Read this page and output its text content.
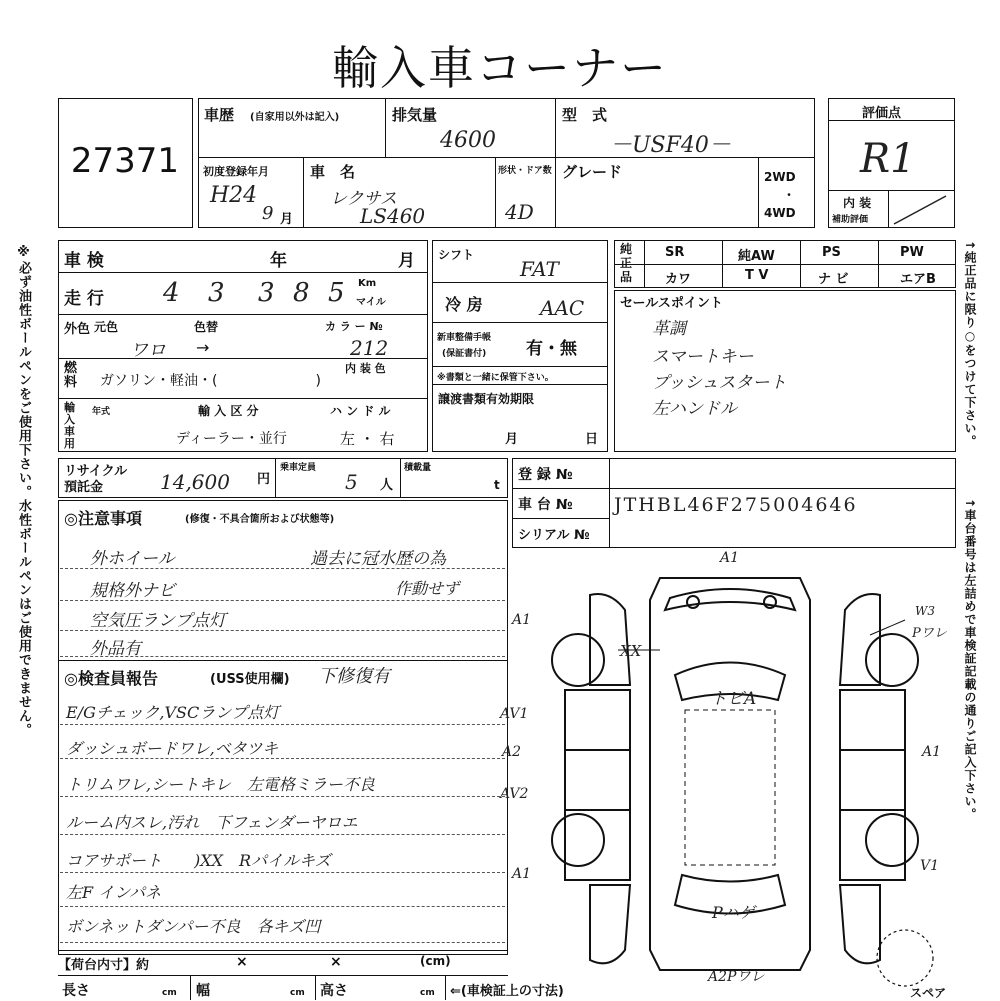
輸入車コーナー
※必ず油性ボールペンをご使用下さい。水性ボールペンはご使用できません。	↑純正品に限り○をつけて下さい。
↑車台番号は左詰めで車検証記載の通りご記入下さい。
27371
車歴 (自家用以外は記入)	排気量
4600
型　式
－USF40－
初度登録年月
H24
9 月
車　名
レクサス
LS460
形状・ドア数
4D
グレード	2WD
・
4WD
評価点
R1
内 装
補助評価
車 検	年	月
走 行 4 3 3 8 5 Km
マイル
外色 元色	色替	カ ラ ー №
ワロ →	212
燃料 ガソリン・軽油・(　　　　　　　)
内 装 色
輸入車用
年式	輸 入 区 分
ディーラー・並行
ハ ン ド ル
左 ・ 右
シフト
FAT
冷 房	AAC
新車整備手帳
(保証書付) 有・無
※書類と一緒に保管下さい。
譲渡書類有効期限
月	日
純正品
SR	純AW	PS	PW
カワ	T V	ナ ビ	エアB
セールスポイント
革調
スマートキー
プッシュスタート
左ハンドル
リサイクル
預託金	14,600 円
乗車定員
5 人
積載量
t
登 録 №
車 台 № JTHBL46F275004646
シリアル №
◎注意事項	(修復・不具合箇所および状態等)
外ホイール
規格外ナビ
空気圧ランプ点灯
外品有
過去に冠水歴の為
作動せず
◎検査員報告	(USS使用欄) 下修復有
E/Gチェック,VSCランプ点灯
ダッシュボードワレ,ベタツキ
トリムワレ,シートキレ　左電格ミラー不良
ルーム内スレ,汚れ　下フェンダーヤロエ
コアサポート　　)XX　Rパイルキズ
左F インパネ
ボンネットダンパー不良　各キズ凹
【荷台内寸】約	×	×	(cm)
長さ	cm 幅	cm 高さ	cm ⇐(車検証上の寸法)
A1
A1
XX
AV1
A2
AV2
A1
W3
Pワレ
A1
V1
トビA
Pハゲ
A2Pワレ
スペア
